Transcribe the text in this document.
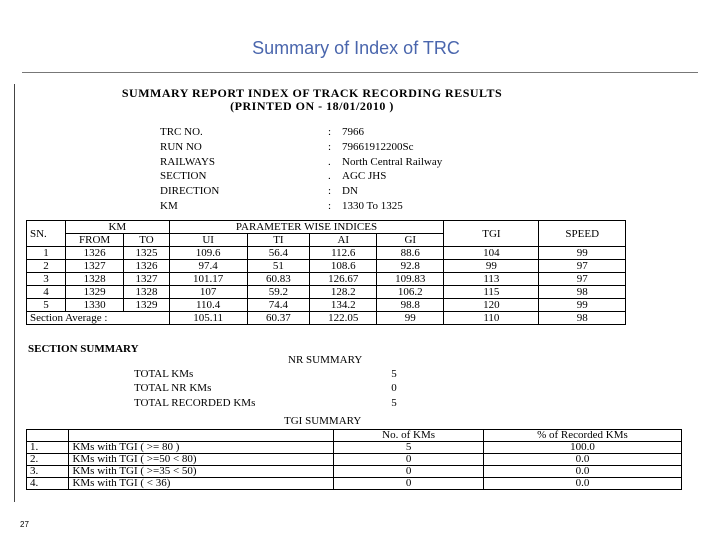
Summary of Index of TRC
SUMMARY REPORT INDEX OF TRACK RECORDING RESULTS
(PRINTED ON - 18/01/2010 )
TRC NO.	: 7966
RUN NO	: 79661912200Sc
RAILWAYS	.	North Central Railway
SECTION	.	AGC JHS
DIRECTION	: DN
KM	: 1330 To 1325
SN.	KM		PARAMETER WISE INDICES				TGI	SPEED
	FROM	TO	UI	TI	AI	GI		
1	1326	1325	109.6	56.4	112.6	88.6	104	99
2	1327	1326	97.4	51	108.6	92.8	99	97
3	1328	1327	101.17	60.83	126.67	109.83	113	97
4	1329	1328	107	59.2	128.2	106.2	115	98
5	1330	1329	110.4	74.4	134.2	98.8	120	99
Section Average :			105.11	60.37	122.05	99	110	98
SECTION SUMMARY
NR SUMMARY
TOTAL KMs	5
TOTAL NR KMs	0
TOTAL RECORDED KMs	5
TGI SUMMARY
		No. of KMs	% of Recorded KMs
1.	KMs with TGI ( >= 80 )	5	100.0
2.	KMs with TGI ( >=50 < 80)	0	0.0
3.	KMs with TGI ( >=35 < 50)	0	0.0
4.	KMs with TGI ( < 36)	0	0.0
27
